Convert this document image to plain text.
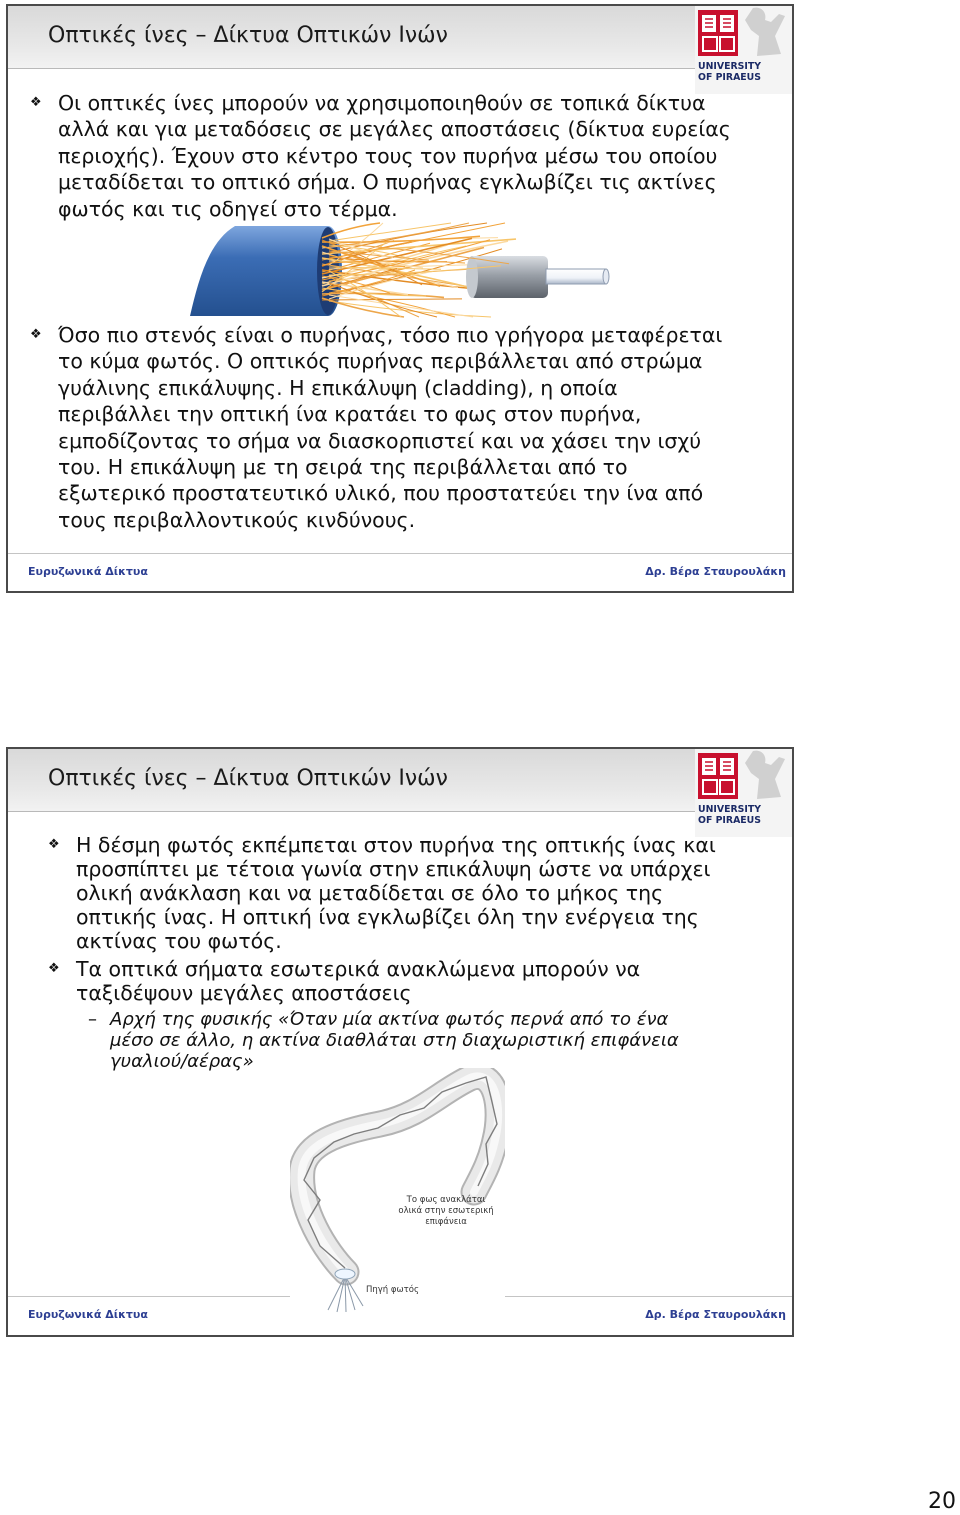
Οπτικές ίνες – Δίκτυα Οπτικών Ινών
UNIVERSITY
OF PIRAEUS
❖
Οι οπτικές ίνες μπορούν να χρησιμοποιηθούν σε τοπικά δίκτυα
αλλά και για μεταδόσεις σε μεγάλες αποστάσεις (δίκτυα ευρείας
περιοχής). Έχουν στο κέντρο τους τον πυρήνα μέσω του οποίου
μεταδίδεται το οπτικό σήμα. Ο πυρήνας εγκλωβίζει τις ακτίνες
φωτός και τις οδηγεί στο τέρμα.
❖
Όσο πιο στενός είναι ο πυρήνας, τόσο πιο γρήγορα μεταφέρεται
το κύμα φωτός. Ο οπτικός πυρήνας περιβάλλεται από στρώμα
γυάλινης επικάλυψης. Η επικάλυψη (cladding), η οποία
περιβάλλει την οπτική ίνα κρατάει το φως στον πυρήνα,
εμποδίζοντας το σήμα να διασκορπιστεί και να χάσει την ισχύ
του. Η επικάλυψη με τη σειρά της περιβάλλεται από το
εξωτερικό προστατευτικό υλικό, που προστατεύει την ίνα από
τους περιβαλλοντικούς κινδύνους.
Ευρυζωνικά Δίκτυα	Δρ. Βέρα Σταυρουλάκη
Οπτικές ίνες – Δίκτυα Οπτικών Ινών
UNIVERSITY
OF PIRAEUS
❖
Η δέσμη φωτός εκπέμπεται στον πυρήνα της οπτικής ίνας και
προσπίπτει με τέτοια γωνία στην επικάλυψη ώστε να υπάρχει
ολική ανάκλαση και να μεταδίδεται σε όλο το μήκος της
οπτικής ίνας. Η οπτική ίνα εγκλωβίζει όλη την ενέργεια της
ακτίνας του φωτός.
❖
Τα οπτικά σήματα εσωτερικά ανακλώμενα μπορούν να
ταξιδέψουν μεγάλες αποστάσεις
– Αρχή της φυσικής «Όταν μία ακτίνα φωτός περνά από το ένα
μέσο σε άλλο, η ακτίνα διαθλάται στη διαχωριστική επιφάνεια
γυαλιού/αέρας»
Το φως ανακλάται
ολικά στην εσωτερική
επιφάνεια
Πηγή φωτός
Ευρυζωνικά Δίκτυα	Δρ. Βέρα Σταυρουλάκη
20
